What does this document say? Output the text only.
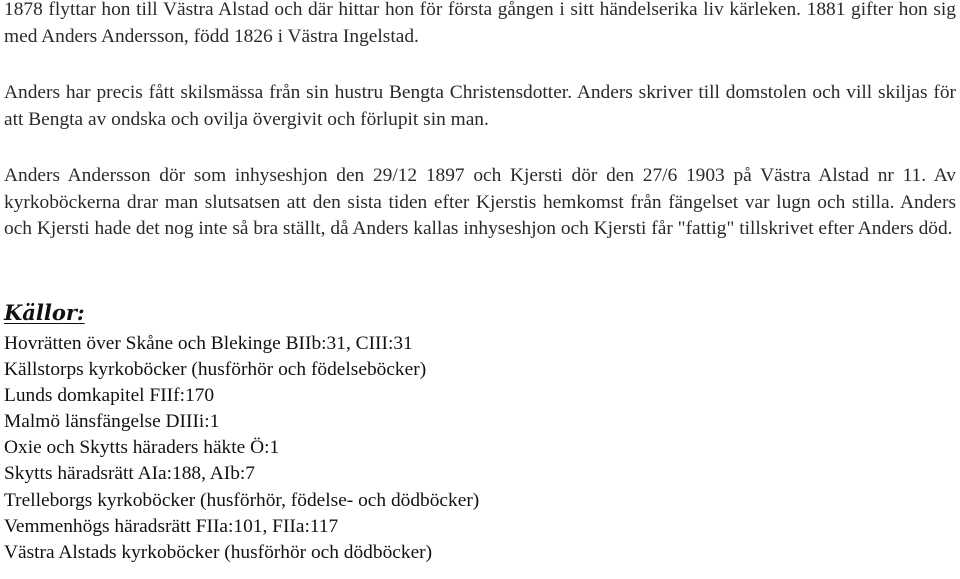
1878 flyttar hon till Västra Alstad och där hittar hon för första gången i sitt händelserika liv kärleken. 1881 gifter hon sig med Anders Andersson, född 1826 i Västra Ingelstad.

Anders har precis fått skilsmässa från sin hustru Bengta Christensdotter. Anders skriver till domstolen och vill skiljas för att Bengta av ondska och ovilja övergivit och förlupit sin man.

Anders Andersson dör som inhyseshjon den 29/12 1897 och Kjersti dör den 27/6 1903 på Västra Alstad nr 11. Av kyrkoböckerna drar man slutsatsen att den sista tiden efter Kjerstis hemkomst från fängelset var lugn och stilla. Anders och Kjersti hade det nog inte så bra ställt, då Anders kallas inhyseshjon och Kjersti får "fattig" tillskrivet efter Anders död.

Källor:
Hovrätten över Skåne och Blekinge BIIb:31, CIII:31
Källstorps kyrkoböcker (husförhör och födelseböcker)
Lunds domkapitel FIIf:170
Malmö länsfängelse DIIIi:1
Oxie och Skytts häraders häkte Ö:1
Skytts häradsrätt AIa:188, AIb:7
Trelleborgs kyrkoböcker (husförhör, födelse- och dödböcker)
Vemmenhögs häradsrätt FIIa:101, FIIa:117
Västra Alstads kyrkoböcker (husförhör och dödböcker)
